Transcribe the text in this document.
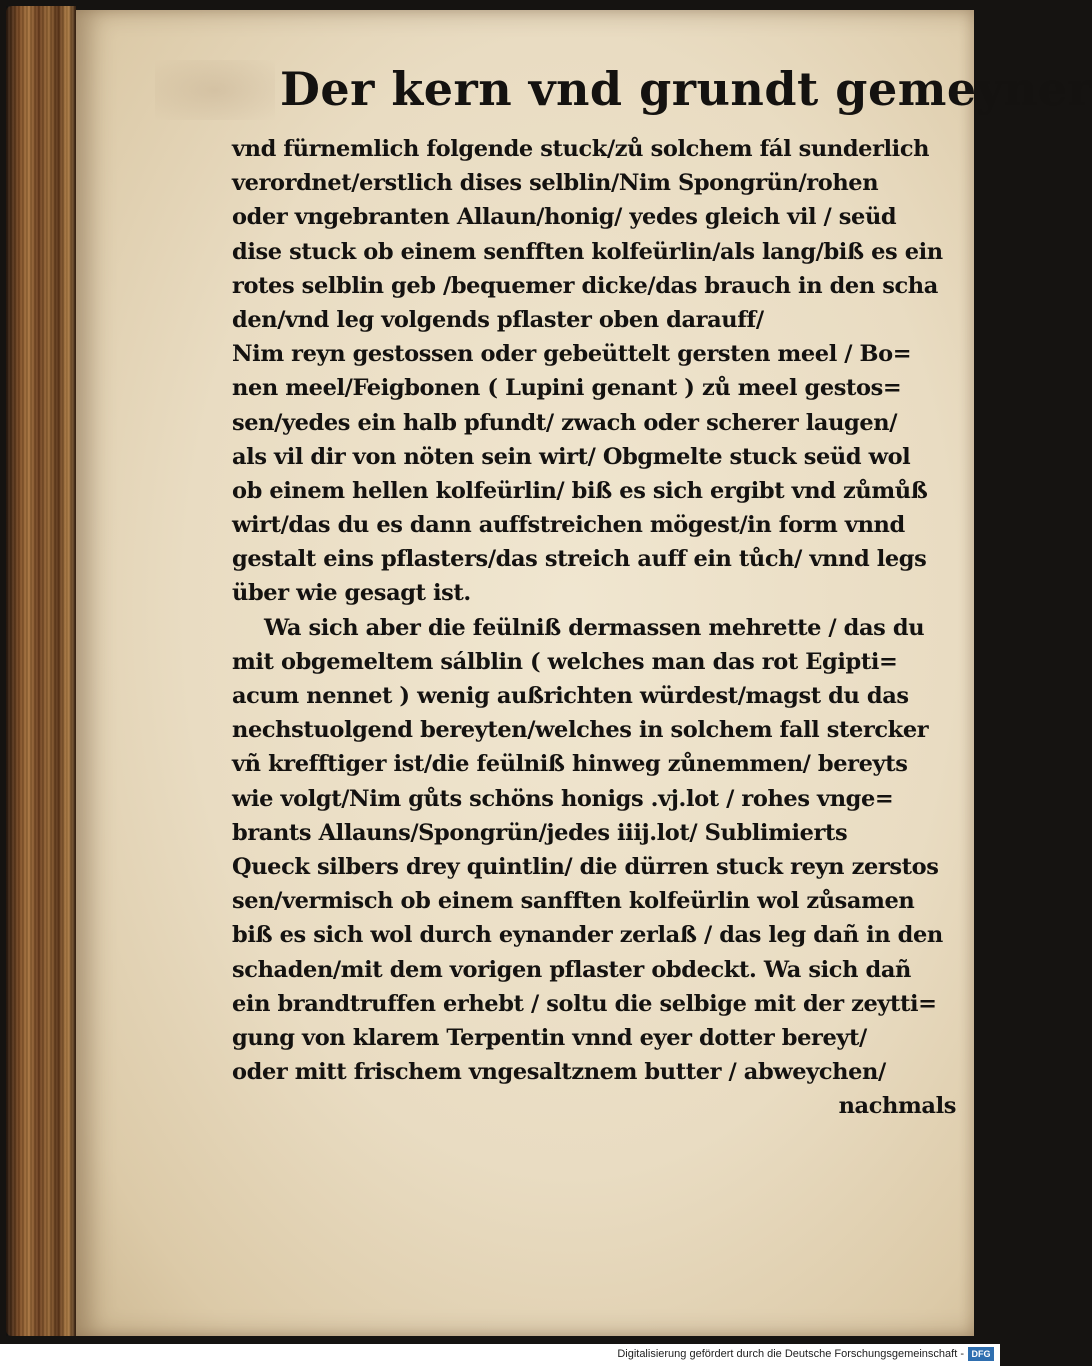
Der kern vnd grundt gemeyner
vnd fürnemlich folgende stuck/zů solchem fál sunderlich
verordnet/erstlich dises selblin/Nim Spongrün/rohen
oder vngebranten Allaun/honig/ yedes gleich vil / seüd
dise stuck ob einem senfften kolfeürlin/als lang/biß es ein
rotes selblin geb /bequemer dicke/das brauch in den scha
den/vnd leg volgends pflaster oben darauff/
Nim reyn gestossen oder gebeüttelt gersten meel / Bo=
nen meel/Feigbonen ( Lupini genant ) zů meel gestos=
sen/yedes ein halb pfundt/ zwach oder scherer laugen/
als vil dir von nöten sein wirt/ Obgmelte stuck seüd wol
ob einem hellen kolfeürlin/ biß es sich ergibt vnd zůmůß
wirt/das du es dann auffstreichen mögest/in form vnnd
gestalt eins pflasters/das streich auff ein tůch/ vnnd legs
über wie gesagt ist.
Wa sich aber die feülniß dermassen mehrette / das du
mit obgemeltem sálblin ( welches man das rot Egipti=
acum nennet ) wenig außrichten würdest/magst du das
nechstuolgend bereyten/welches in solchem fall stercker
vñ krefftiger ist/die feülniß hinweg zůnemmen/ bereyts
wie volgt/Nim gůts schöns honigs .vj.lot / rohes vnge=
brants Allauns/Spongrün/jedes iiij.lot/ Sublimierts
Queck silbers drey quintlin/ die dürren stuck reyn zerstos
sen/vermisch ob einem sanfften kolfeürlin wol zůsamen
biß es sich wol durch eynander zerlaß / das leg dañ in den
schaden/mit dem vorigen pflaster obdeckt. Wa sich dañ
ein brandtruffen erhebt / soltu die selbige mit der zeytti=
gung von klarem Terpentin vnnd eyer dotter bereyt/
oder mitt frischem vngesaltznem butter / abweychen/
nachmals
Digitalisierung gefördert durch die Deutsche Forschungsgemeinschaft - DFG
